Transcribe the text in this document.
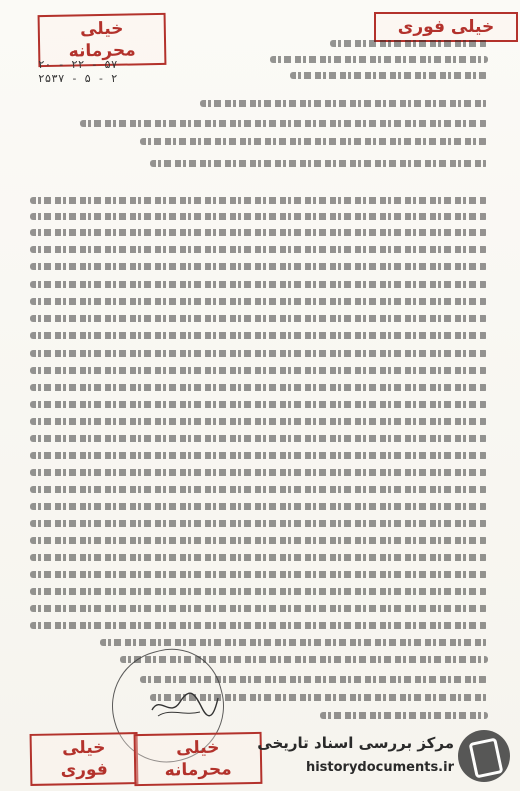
خیلی محرمانه
خیلی فوری
۲۰ - ۲۲ - ۵۷
۲۵۳۷ - ۵ - ۲
خیلی فوری
خیلی محرمانه
مرکز بررسی اسناد تاریخی
historydocuments.ir
